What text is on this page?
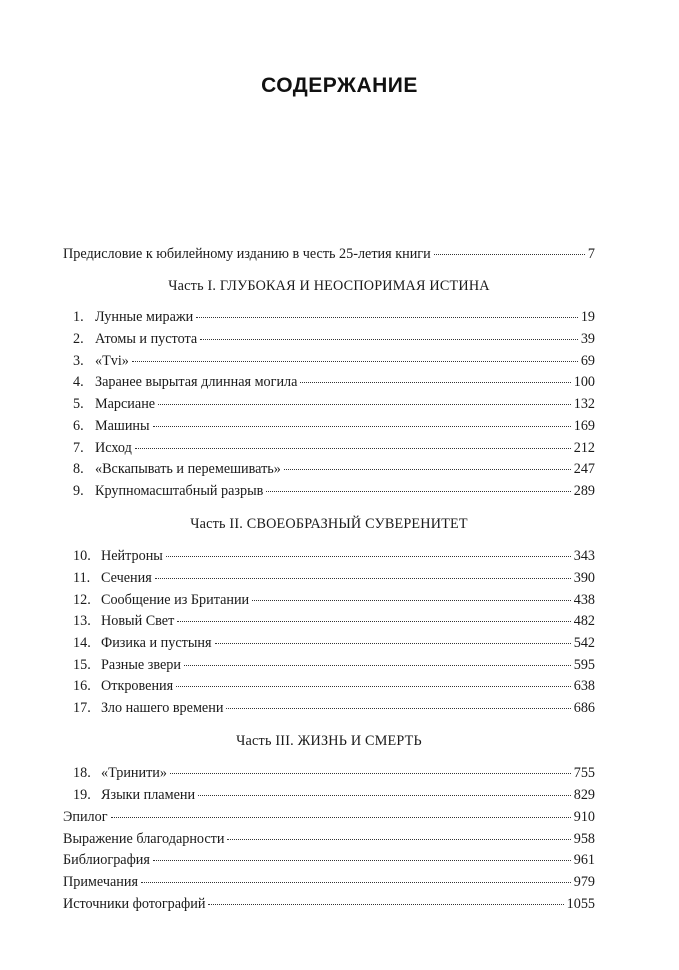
СОДЕРЖАНИЕ
Предисловие к юбилейному изданию в честь 25-летия книги	7
Часть I. ГЛУБОКАЯ И НЕОСПОРИМАЯ ИСТИНА
1. Лунные миражи	19
2. Атомы и пустота	39
3. «Tvi»	69
4. Заранее вырытая длинная могила	100
5. Марсиане	132
6. Машины	169
7. Исход	212
8. «Вскапывать и перемешивать»	247
9. Крупномасштабный разрыв	289
Часть II. СВОЕОБРАЗНЫЙ СУВЕРЕНИТЕТ
10. Нейтроны	343
11. Сечения	390
12. Сообщение из Британии	438
13. Новый Свет	482
14. Физика и пустыня	542
15. Разные звери	595
16. Откровения	638
17. Зло нашего времени	686
Часть III. ЖИЗНЬ И СМЕРТЬ
18. «Тринити»	755
19. Языки пламени	829
Эпилог	910
Выражение благодарности	958
Библиография	961
Примечания	979
Источники фотографий	1055
